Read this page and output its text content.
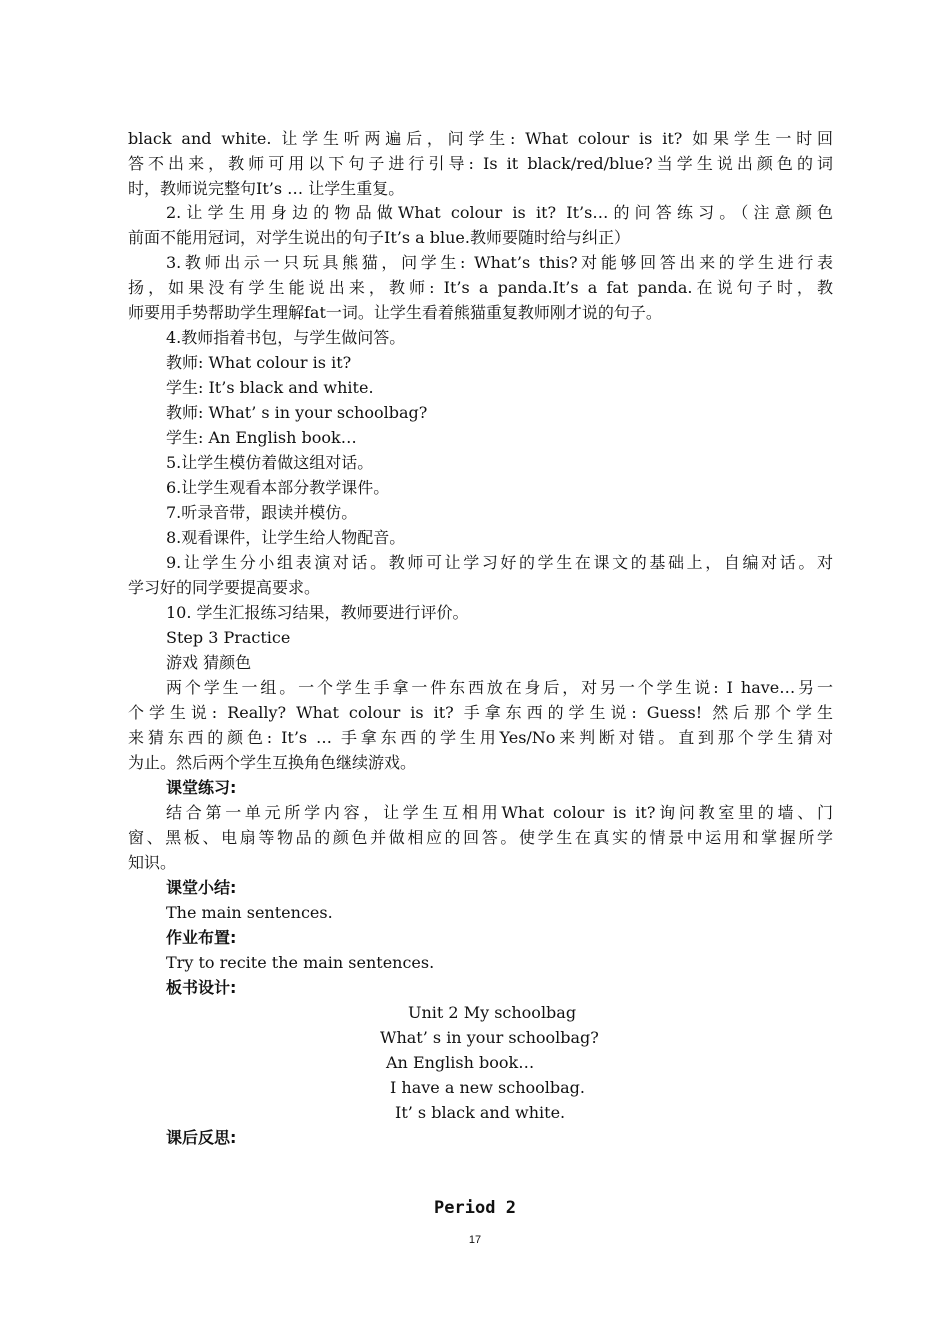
black and white. 让学生听两遍后，问学生: What colour is it? 如果学生一时回
答不出来，教师可用以下句子进行引导: Is it black/red/blue?当学生说出颜色的词
时，教师说完整句It’s … 让学生重复。
2.让学生用身边的物品做What colour is it? It’s…的问答练习。（注意颜色
前面不能用冠词，对学生说出的句子It’s a blue.教师要随时给与纠正）
3.教师出示一只玩具熊猫，问学生: What’s this?对能够回答出来的学生进行表
扬，如果没有学生能说出来，教师: It’s a panda.It’s a fat panda.在说句子时，教
师要用手势帮助学生理解fat一词。让学生看着熊猫重复教师刚才说的句子。
4.教师指着书包，与学生做问答。
教师: What colour is it?
学生: It’s black and white.
教师: What’ s in your schoolbag?
学生: An English book…
5.让学生模仿着做这组对话。
6.让学生观看本部分教学课件。
7.听录音带，跟读并模仿。
8.观看课件，让学生给人物配音。
9.让学生分小组表演对话。教师可让学习好的学生在课文的基础上，自编对话。对
学习好的同学要提高要求。
10. 学生汇报练习结果，教师要进行评价。
Step 3 Practice
游戏 猜颜色
两个学生一组。一个学生手拿一件东西放在身后，对另一个学生说: I have…另一
个学生说: Really? What colour is it? 手拿东西的学生说: Guess! 然后那个学生
来猜东西的颜色: It’s … 手拿东西的学生用Yes/No来判断对错。直到那个学生猜对
为止。然后两个学生互换角色继续游戏。
课堂练习:
结合第一单元所学内容，让学生互相用What colour is it?询问教室里的墙、门
窗、黑板、电扇等物品的颜色并做相应的回答。使学生在真实的情景中运用和掌握所学
知识。
课堂小结:
The main sentences.
作业布置:
Try to recite the main sentences.
板书设计:
Unit 2 My schoolbag
What’ s in your schoolbag?
An English book…
I have a new schoolbag.
It’ s black and white.
课后反思:
Period 2
17
